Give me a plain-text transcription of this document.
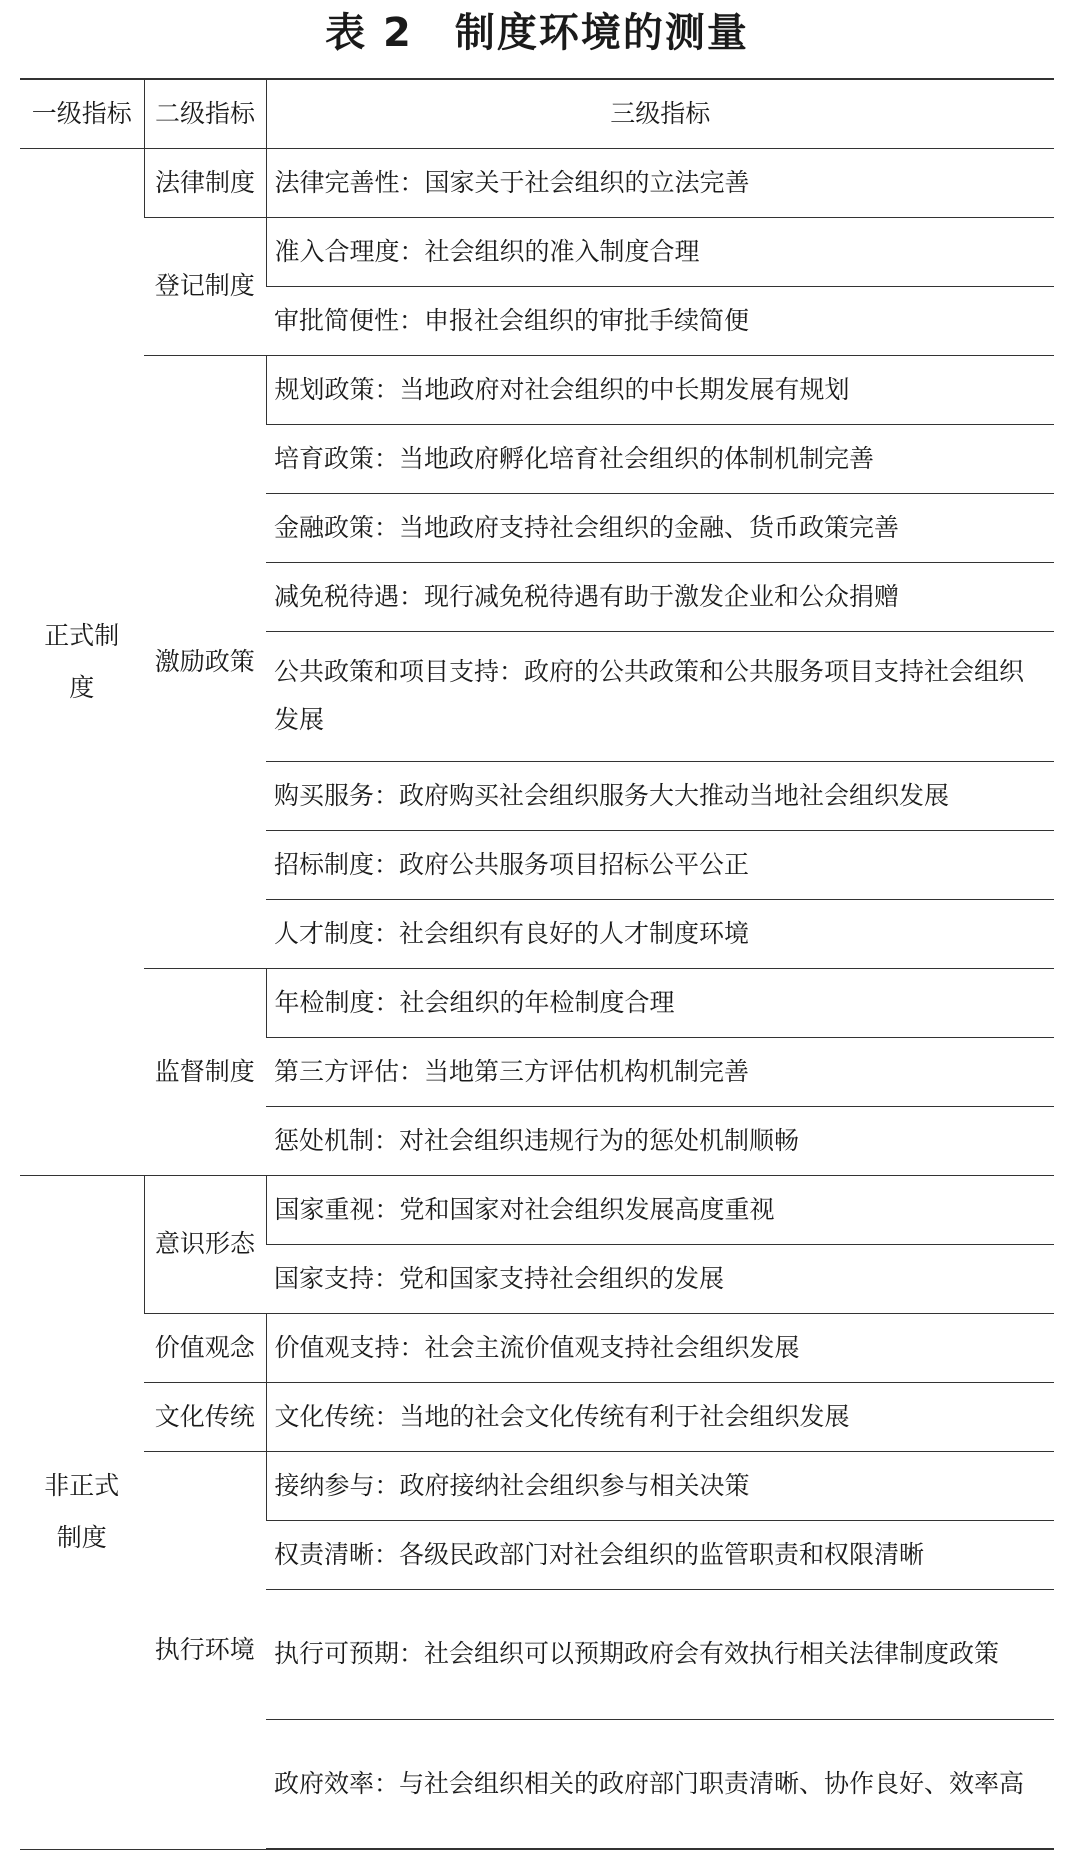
表 2　制度环境的测量
一级指标	二级指标	三级指标

正式制度	法律制度	法律完善性：国家关于社会组织的立法完善
	登记制度	准入合理度：社会组织的准入制度合理
		审批简便性：申报社会组织的审批手续简便
	激励政策	规划政策：当地政府对社会组织的中长期发展有规划
		培育政策：当地政府孵化培育社会组织的体制机制完善
		金融政策：当地政府支持社会组织的金融、货币政策完善
		减免税待遇：现行减免税待遇有助于激发企业和公众捐赠
		公共政策和项目支持：政府的公共政策和公共服务项目支持社会组织发展
		购买服务：政府购买社会组织服务大大推动当地社会组织发展
		招标制度：政府公共服务项目招标公平公正
		人才制度：社会组织有良好的人才制度环境
	监督制度	年检制度：社会组织的年检制度合理
		第三方评估：当地第三方评估机构机制完善
		惩处机制：对社会组织违规行为的惩处机制顺畅

非正式制度	意识形态	国家重视：党和国家对社会组织发展高度重视
		国家支持：党和国家支持社会组织的发展
	价值观念	价值观支持：社会主流价值观支持社会组织发展
	文化传统	文化传统：当地的社会文化传统有利于社会组织发展
	执行环境	接纳参与：政府接纳社会组织参与相关决策
		权责清晰：各级民政部门对社会组织的监管职责和权限清晰
		执行可预期：社会组织可以预期政府会有效执行相关法律制度政策
		政府效率：与社会组织相关的政府部门职责清晰、协作良好、效率高
